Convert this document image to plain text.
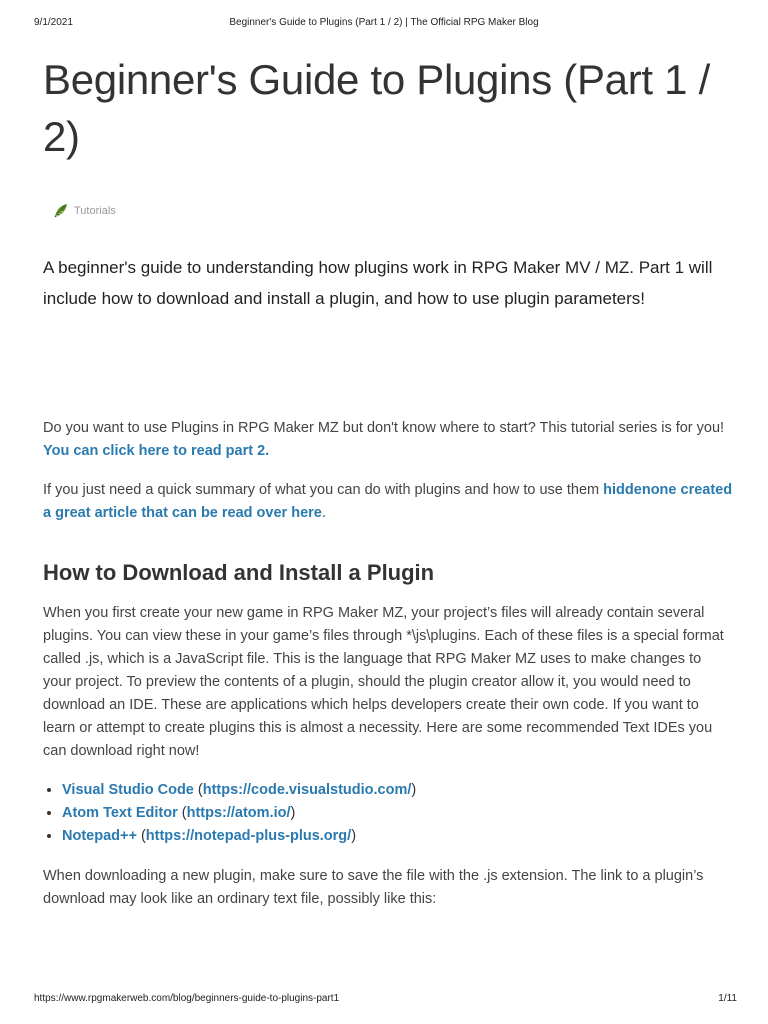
9/1/2021	Beginner's Guide to Plugins (Part 1 / 2) | The Official RPG Maker Blog
Beginner's Guide to Plugins (Part 1 / 2)
Tutorials
A beginner's guide to understanding how plugins work in RPG Maker MV / MZ. Part 1 will include how to download and install a plugin, and how to use plugin parameters!

Do you want to use Plugins in RPG Maker MZ but don't know where to start? This tutorial series is for you! You can click here to read part 2.

If you just need a quick summary of what you can do with plugins and how to use them hiddenone created a great article that can be read over here.

How to Download and Install a Plugin

When you first create your new game in RPG Maker MZ, your project’s files will already contain several plugins. You can view these in your game’s files through *\js\plugins. Each of these files is a special format called .js, which is a JavaScript file. This is the language that RPG Maker MZ uses to make changes to your project. To preview the contents of a plugin, should the plugin creator allow it, you would need to download an IDE. These are applications which helps developers create their own code. If you want to learn or attempt to create plugins this is almost a necessity. Here are some recommended Text IDEs you can download right now!

• Visual Studio Code (https://code.visualstudio.com/)
• Atom Text Editor (https://atom.io/)
• Notepad++ (https://notepad-plus-plus.org/)

When downloading a new plugin, make sure to save the file with the .js extension. The link to a plugin’s download may look like an ordinary text file, possibly like this:

https://www.rpgmakerweb.com/blog/beginners-guide-to-plugins-part1	1/11
